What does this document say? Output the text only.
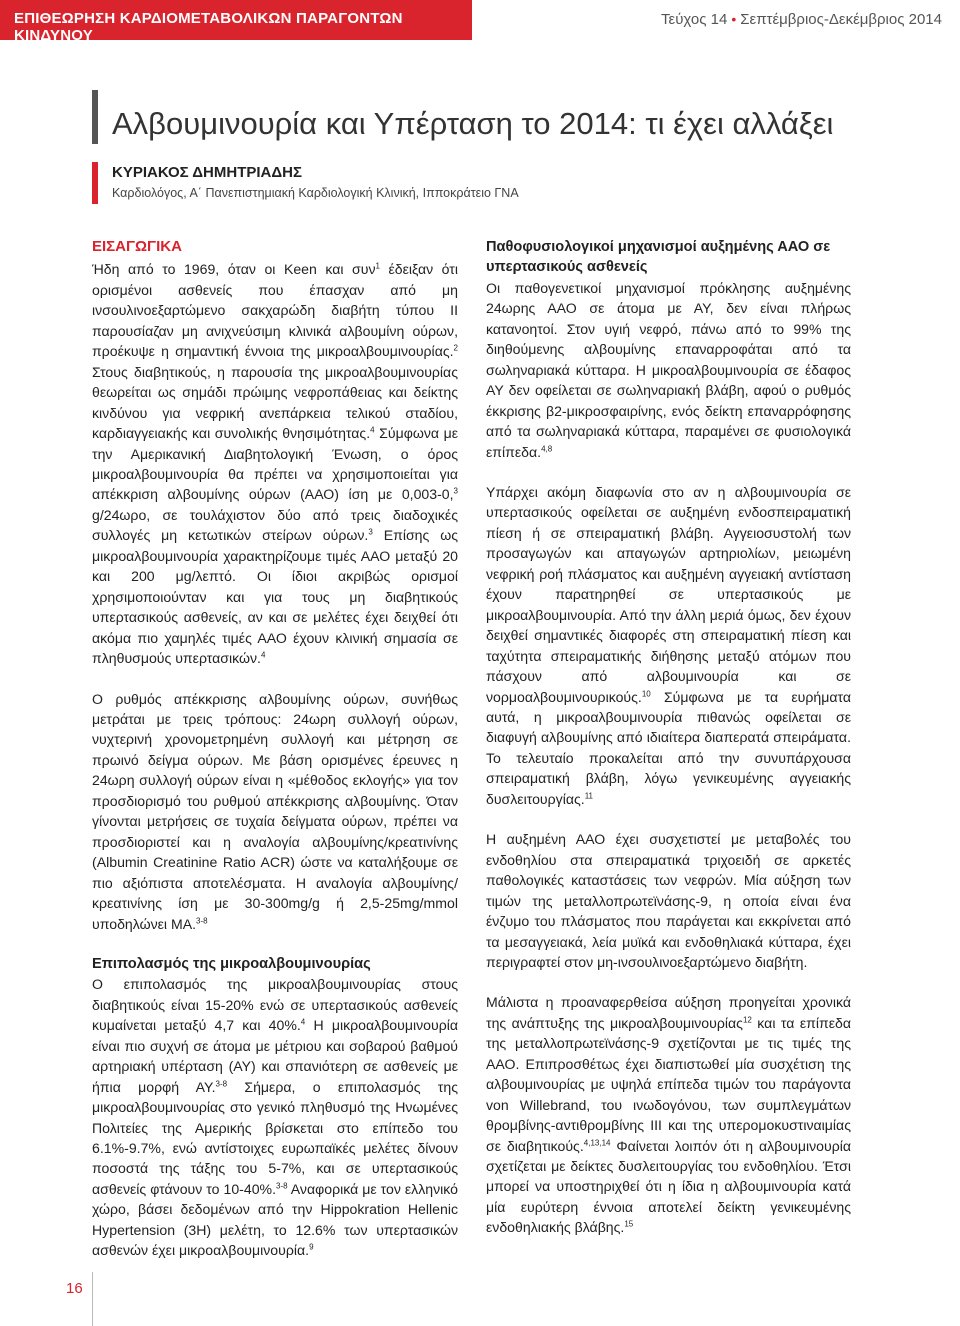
ΕΠΙΘΕΩΡΗΣΗ ΚΑΡΔΙΟΜΕΤΑΒΟΛΙΚΩΝ ΠΑΡΑΓΟΝΤΩΝ ΚΙΝΔΥΝΟΥ
Τεύχος 14 • Σεπτέμβριος-Δεκέμβριος 2014
Αλβουμινουρία και Υπέρταση το 2014: τι έχει αλλάξει
ΚΥΡΙΑΚΟΣ ΔΗΜΗΤΡΙΑΔΗΣ
Καρδιολόγος, Α΄ Πανεπιστημιακή Καρδιολογική Κλινική, Ιπποκράτειο ΓΝΑ
ΕΙΣΑΓΩΓΙΚΑ

Ήδη από το 1969, όταν οι Keen και συν$^1$ έδειξαν ότι ορισμένοι ασθενείς που έπασχαν από μη ινσουλινοεξαρτώμενο σακχαρώδη διαβήτη τύπου II παρουσίαζαν μη ανιχνεύσιμη κλινικά αλβουμίνη ούρων, προέκυψε η σημαντική έννοια της μικροαλβουμινουρίας.$^2$ Στους διαβητικούς, η παρουσία της μικροαλβουμινουρίας θεωρείται ως σημάδι πρώιμης νεφροπάθειας και δείκτης κινδύνου για νεφρική ανεπάρκεια τελικού σταδίου, καρδιαγγειακής και συνολικής θνησιμότητας.$^4$ Σύμφωνα με την Αμερικανική Διαβητολογική Ένωση, ο όρος μικροαλβουμινουρία θα πρέπει να χρησιμοποιείται για απέκκριση αλβουμίνης ούρων (ΑΑΟ) ίση με 0,003-0,$^3$ g/24ωρο, σε τουλάχιστον δύο από τρεις διαδοχικές συλλογές μη κετωτικών στείρων ούρων.$^3$ Επίσης ως μικροαλβουμινουρία χαρακτηρίζουμε τιμές ΑΑΟ μεταξύ 20 και 200 μg/λεπτό. Οι ίδιοι ακριβώς ορισμοί χρησιμοποιούνταν και για τους μη διαβητικούς υπερτασικούς ασθενείς, αν και σε μελέτες έχει δειχθεί ότι ακόμα πιο χαμηλές τιμές ΑΑΟ έχουν κλινική σημασία σε πληθυσμούς υπερτασικών.$^4$

Ο ρυθμός απέκκρισης αλβουμίνης ούρων, συνήθως μετράται με τρεις τρόπους: 24ωρη συλλογή ούρων, νυχτερινή χρονομετρημένη συλλογή και μέτρηση σε πρωινό δείγμα ούρων. Με βάση ορισμένες έρευνες η 24ωρη συλλογή ούρων είναι η «μέθοδος εκλογής» για τον προσδιορισμό του ρυθμού απέκκρισης αλβουμίνης. Όταν γίνονται μετρήσεις σε τυχαία δείγματα ούρων, πρέπει να προσδιοριστεί και η αναλογία αλβουμίνης/κρεατινίνης (Albumin Creatinine Ratio ACR) ώστε να καταλήξουμε σε πιο αξιόπιστα αποτελέσματα. Η αναλογία αλβουμίνης/κρεατινίνης ίση με 30-300mg/g ή 2,5-25mg/mmol υποδηλώνει ΜΑ.$^{3-8}$

Επιπολασμός της μικροαλβουμινουρίας

Ο επιπολασμός της μικροαλβουμινουρίας στους διαβητικούς είναι 15-20% ενώ σε υπερτασικούς ασθενείς κυμαίνεται μεταξύ 4,7 και 40%.$^4$ Η μικροαλβουμινουρία είναι πιο συχνή σε άτομα με μέτριου και σοβαρού βαθμού αρτηριακή υπέρταση (ΑΥ) και σπανιότερη σε ασθενείς με ήπια μορφή ΑΥ.$^{3-8}$ Σήμερα, ο επιπολασμός της μικροαλβουμινουρίας στο γενικό πληθυσμό της Ηνωμένες Πολιτείες της Αμερικής βρίσκεται στο επίπεδο του 6.1%-9.7%, ενώ αντίστοιχες ευρωπαϊκές μελέτες δίνουν ποσοστά της τάξης του 5-7%, και σε υπερτασικούς ασθενείς φτάνουν το 10-40%.$^{3-8}$ Αναφορικά με τον ελληνικό χώρο, βάσει δεδομένων από την Hippokration Hellenic Hypertension (3H) μελέτη, το 12.6% των υπερτασικών ασθενών έχει μικροαλβουμινουρία.$^9$

Παθοφυσιολογικοί μηχανισμοί αυξημένης ΑΑΟ σε υπερτασικούς ασθενείς

Οι παθογενετικοί μηχανισμοί πρόκλησης αυξημένης 24ωρης ΑΑΟ σε άτομα με ΑΥ, δεν είναι πλήρως κατανοητοί. Στον υγιή νεφρό, πάνω από το 99% της διηθούμενης αλβουμίνης επαναρροφάται από τα σωληναριακά κύτταρα. Η μικροαλβουμινουρία σε έδαφος ΑΥ δεν οφείλεται σε σωληναριακή βλάβη, αφού ο ρυθμός έκκρισης β2-μικροσφαιρίνης, ενός δείκτη επαναρρόφησης από τα σωληναριακά κύτταρα, παραμένει σε φυσιολογικά επίπεδα.$^{4,8}$

Υπάρχει ακόμη διαφωνία στο αν η αλβουμινουρία σε υπερτασικούς οφείλεται σε αυξημένη ενδοσπειραματική πίεση ή σε σπειραματική βλάβη. Αγγειοσυστολή των προσαγωγών και απαγωγών αρτηριολίων, μειωμένη νεφρική ροή πλάσματος και αυξημένη αγγειακή αντίσταση έχουν παρατηρηθεί σε υπερτασικούς με μικροαλβουμινουρία. Από την άλλη μεριά όμως, δεν έχουν δειχθεί σημαντικές διαφορές στη σπειραματική πίεση και ταχύτητα σπειραματικής διήθησης μεταξύ ατόμων που πάσχουν από αλβουμινουρία και σε νορμοαλβουμινουρικούς.$^{10}$ Σύμφωνα με τα ευρήματα αυτά, η μικροαλβουμινουρία πιθανώς οφείλεται σε διαφυγή αλβουμίνης από ιδιαίτερα διαπερατά σπειράματα. Το τελευταίο προκαλείται από την συνυπάρχουσα σπειραματική βλάβη, λόγω γενικευμένης αγγειακής δυσλειτουργίας.$^{11}$

Η αυξημένη ΑΑΟ έχει συσχετιστεί με μεταβολές του ενδοθηλίου στα σπειραματικά τριχοειδή σε αρκετές παθολογικές καταστάσεις των νεφρών. Μία αύξηση των τιμών της μεταλλοπρωτεϊνάσης-9, η οποία είναι ένα ένζυμο του πλάσματος που παράγεται και εκκρίνεται από τα μεσαγγειακά, λεία μυϊκά και ενδοθηλιακά κύτταρα, έχει περιγραφτεί στον μη-ινσουλινοεξαρτώμενο διαβήτη.

Μάλιστα η προαναφερθείσα αύξηση προηγείται χρονικά της ανάπτυξης της μικροαλβουμινουρίας$^{12}$ και τα επίπεδα της μεταλλοπρωτεϊνάσης-9 σχετίζονται με τις τιμές της ΑΑΟ. Επιπροσθέτως έχει διαπιστωθεί μία συσχέτιση της αλβουμινουρίας με υψηλά επίπεδα τιμών του παράγοντα von Willebrand, του ινωδογόνου, των συμπλεγμάτων θρομβίνης-αντιθρομβίνης III και της υπερομοκυστιναιμίας σε διαβητικούς.$^{4,13,14}$ Φαίνεται λοιπόν ότι η αλβουμινουρία σχετίζεται με δείκτες δυσλειτουργίας του ενδοθηλίου. Έτσι μπορεί να υποστηριχθεί ότι η ίδια η αλβουμινουρία κατά μία ευρύτερη έννοια αποτελεί δείκτη γενικευμένης ενδοθηλιακής βλάβης.$^{15}$

16
